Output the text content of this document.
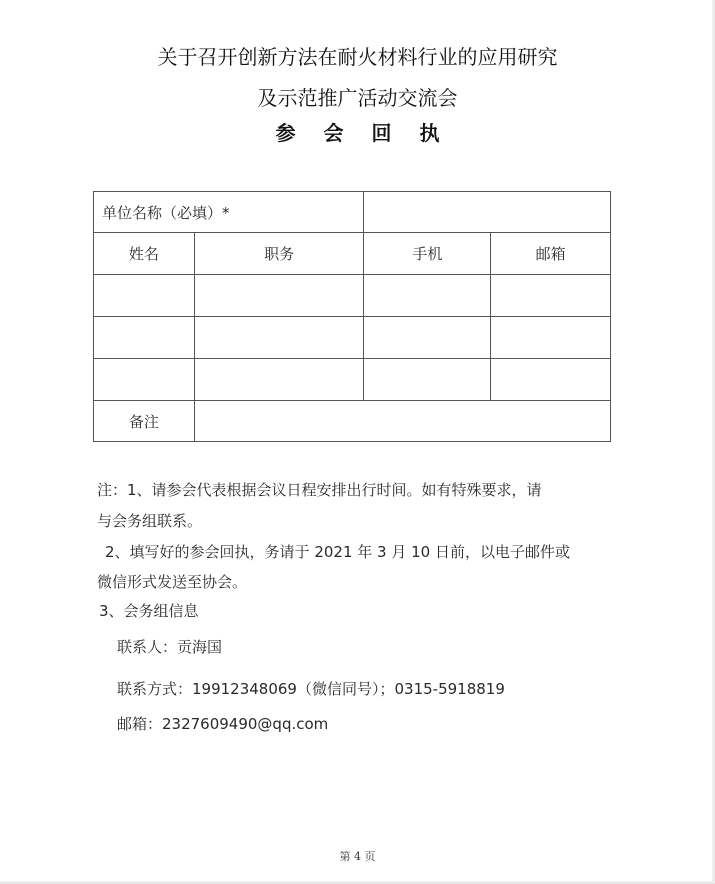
关于召开创新方法在耐火材料行业的应用研究
及示范推广活动交流会
参会回执
单位名称（必填）*			
姓名	职务	手机	邮箱

备注			
注：1、请参会代表根据会议日程安排出行时间。如有特殊要求，请
与会务组联系。
2、填写好的参会回执，务请于 2021 年 3 月 10 日前，以电子邮件或
微信形式发送至协会。
3、会务组信息
联系人：贡海国
联系方式：19912348069（微信同号）；0315-5918819
邮箱：2327609490@qq.com
第 4 页
